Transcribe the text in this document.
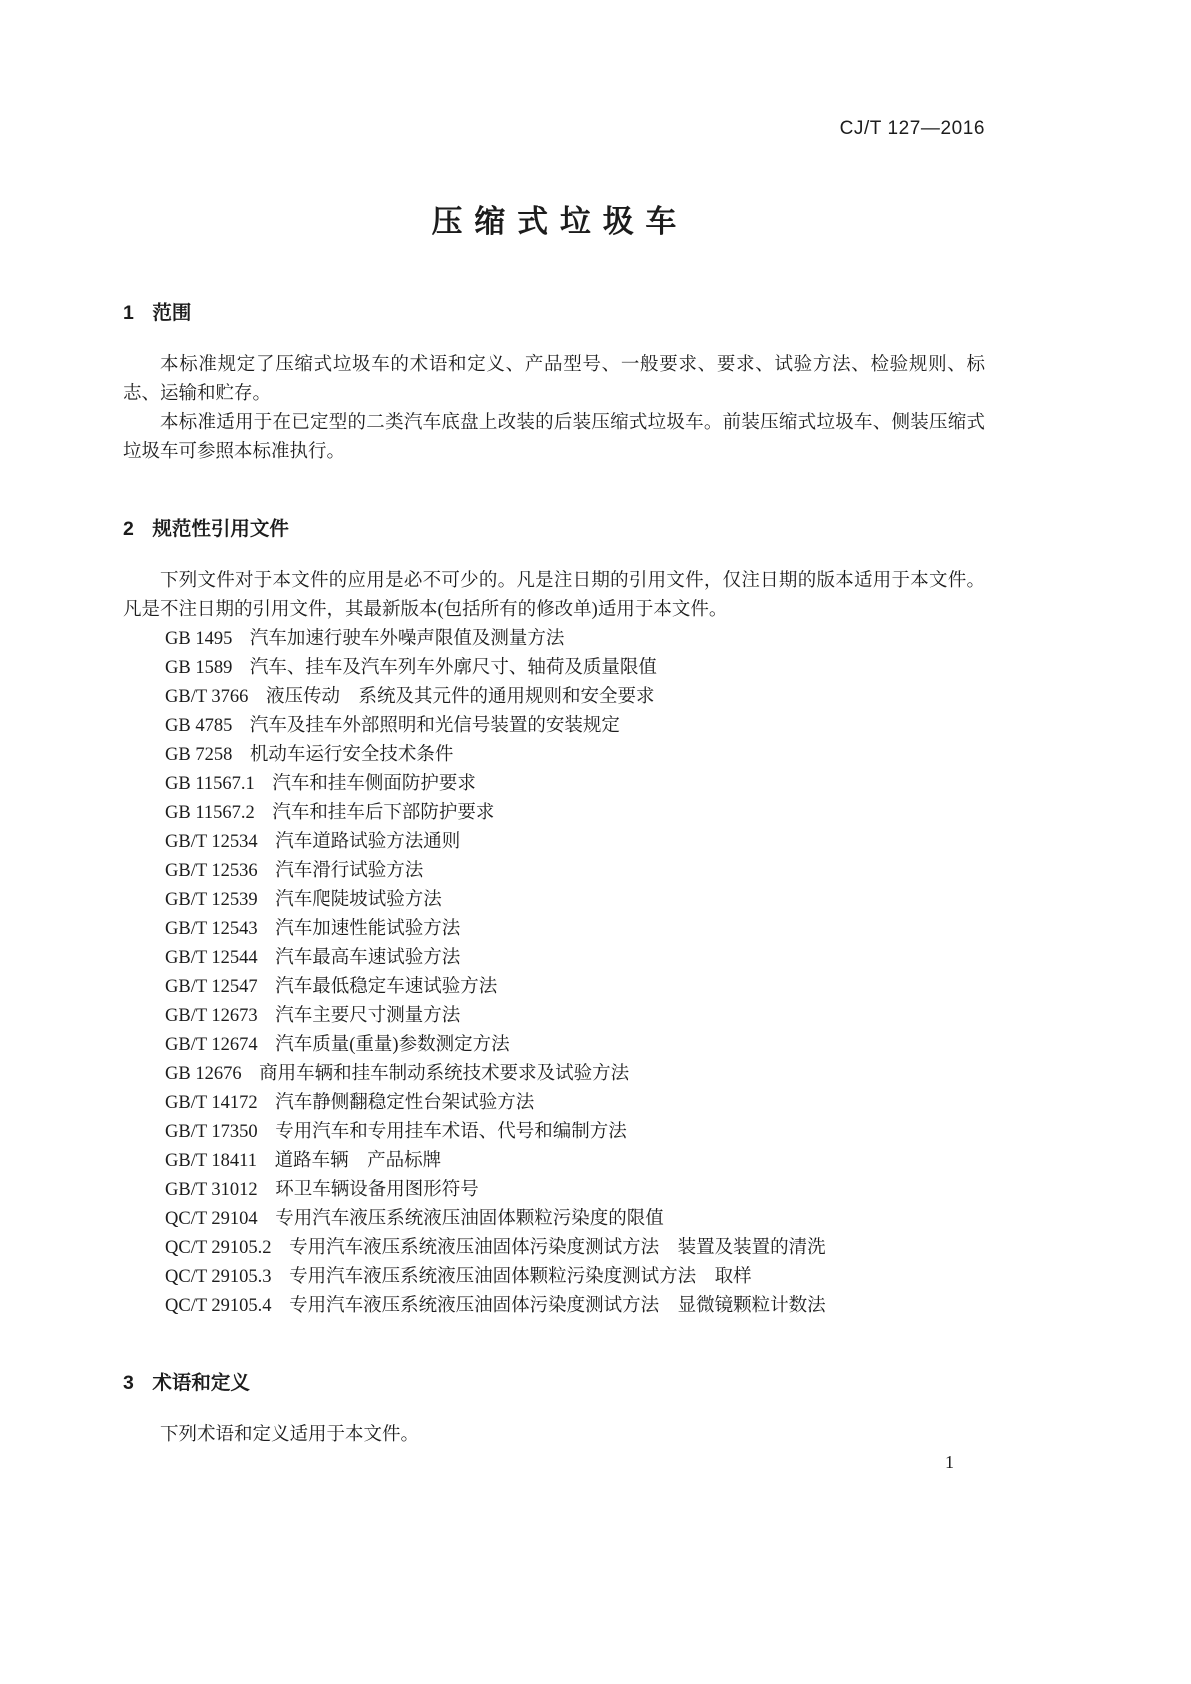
CJ/T 127—2016
压缩式垃圾车
1 范围

本标准规定了压缩式垃圾车的术语和定义、产品型号、一般要求、要求、试验方法、检验规则、标志、运输和贮存。

本标准适用于在已定型的二类汽车底盘上改装的后装压缩式垃圾车。前装压缩式垃圾车、侧装压缩式垃圾车可参照本标准执行。

2 规范性引用文件

下列文件对于本文件的应用是必不可少的。凡是注日期的引用文件，仅注日期的版本适用于本文件。凡是不注日期的引用文件，其最新版本(包括所有的修改单)适用于本文件。

GB 1495 汽车加速行驶车外噪声限值及测量方法
GB 1589 汽车、挂车及汽车列车外廓尺寸、轴荷及质量限值
GB/T 3766 液压传动　系统及其元件的通用规则和安全要求
GB 4785 汽车及挂车外部照明和光信号装置的安装规定
GB 7258 机动车运行安全技术条件
GB 11567.1 汽车和挂车侧面防护要求
GB 11567.2 汽车和挂车后下部防护要求
GB/T 12534 汽车道路试验方法通则
GB/T 12536 汽车滑行试验方法
GB/T 12539 汽车爬陡坡试验方法
GB/T 12543 汽车加速性能试验方法
GB/T 12544 汽车最高车速试验方法
GB/T 12547 汽车最低稳定车速试验方法
GB/T 12673 汽车主要尺寸测量方法
GB/T 12674 汽车质量(重量)参数测定方法
GB 12676 商用车辆和挂车制动系统技术要求及试验方法
GB/T 14172 汽车静侧翻稳定性台架试验方法
GB/T 17350 专用汽车和专用挂车术语、代号和编制方法
GB/T 18411 道路车辆　产品标牌
GB/T 31012 环卫车辆设备用图形符号
QC/T 29104 专用汽车液压系统液压油固体颗粒污染度的限值
QC/T 29105.2 专用汽车液压系统液压油固体污染度测试方法　装置及装置的清洗
QC/T 29105.3 专用汽车液压系统液压油固体颗粒污染度测试方法　取样
QC/T 29105.4 专用汽车液压系统液压油固体污染度测试方法　显微镜颗粒计数法
3 术语和定义

下列术语和定义适用于本文件。

1
